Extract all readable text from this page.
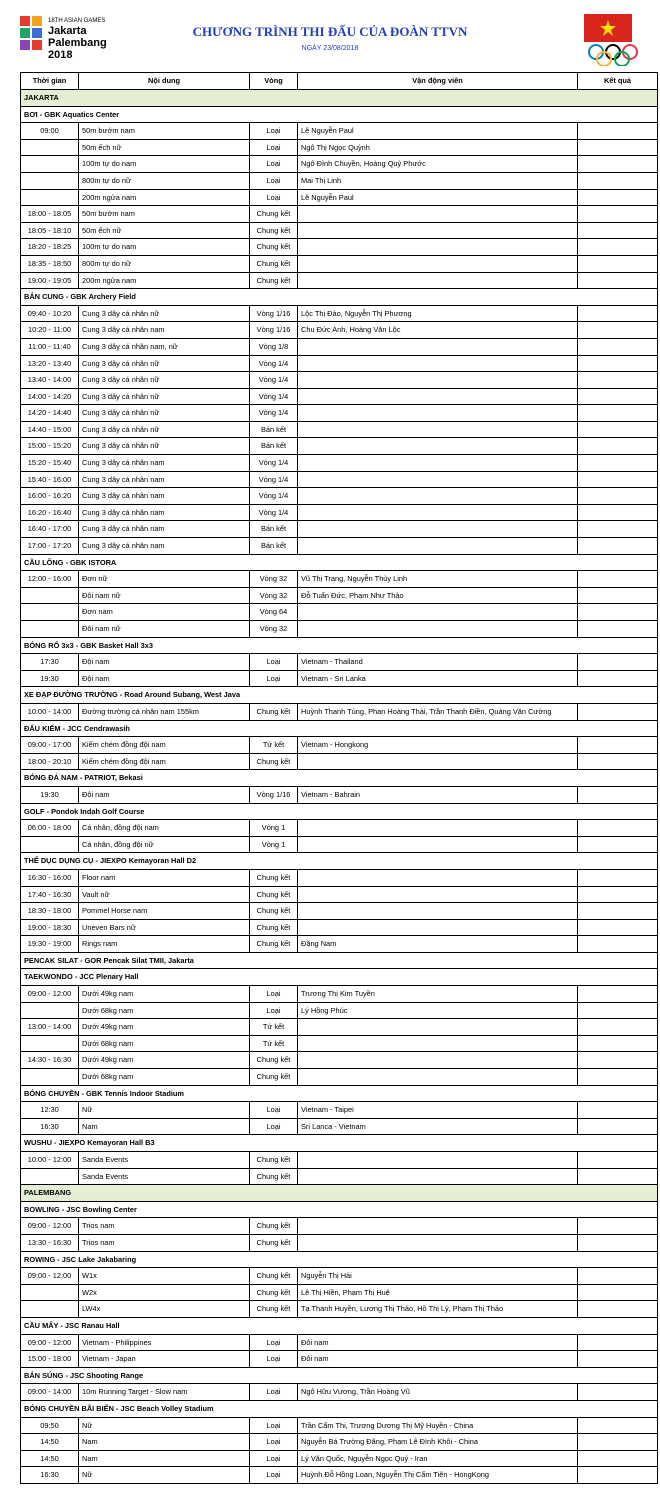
18TH ASIAN GAMES
Jakarta
Palembang
2018
CHƯƠNG TRÌNH THI ĐẤU CỦA ĐOÀN TTVN
NGÀY 23/08/2018
Thời gian	Nội dung	Vòng	Vận động viên	Kết quả
JAKARTA				
BƠI - GBK Aquatics Center				
09:00	50m bướm nam	Loại	Lê Nguyễn Paul	
	50m ếch nữ	Loại	Ngô Thị Ngọc Quỳnh	
	100m tự do nam	Loại	Ngô Đình Chuyền, Hoàng Quý Phước	
	800m tự do nữ	Loại	Mai Thị Linh	
	200m ngửa nam	Loại	Lê Nguyễn Paul	
18:00 - 18:05	50m bướm nam	Chung kết		
18:05 - 18:10	50m ếch nữ	Chung kết		
18:20 - 18:25	100m tự do nam	Chung kết		
18:35 - 18:50	800m tự do nữ	Chung kết		
19:00 - 19:05	200m ngửa nam	Chung kết		
BẮN CUNG - GBK Archery Field				
09:40 - 10:20	Cung 3 dây cá nhân nữ	Vòng 1/16	Lộc Thị Đào, Nguyễn Thị Phương	
10:20 - 11:00	Cung 3 dây cá nhân nam	Vòng 1/16	Chu Đức Anh, Hoàng Văn Lộc	
11:00 - 11:40	Cung 3 dây cá nhân nam, nữ	Vòng 1/8		
13:20 - 13:40	Cung 3 dây cá nhân nữ	Vòng 1/4		
13:40 - 14:00	Cung 3 dây cá nhân nữ	Vòng 1/4		
14:00 - 14:20	Cung 3 dây cá nhân nữ	Vòng 1/4		
14:20 - 14:40	Cung 3 dây cá nhân nữ	Vòng 1/4		
14:40 - 15:00	Cung 3 dây cá nhân nữ	Bán kết		
15:00 - 15:20	Cung 3 dây cá nhân nữ	Bán kết		
15:20 - 15:40	Cung 3 dây cá nhân nam	Vòng 1/4		
15:40 - 16:00	Cung 3 dây cá nhân nam	Vòng 1/4		
16:00 - 16:20	Cung 3 dây cá nhân nam	Vòng 1/4		
16:20 - 16:40	Cung 3 dây cá nhân nam	Vòng 1/4		
16:40 - 17:00	Cung 3 dây cá nhân nam	Bán kết		
17:00 - 17:20	Cung 3 dây cá nhân nam	Bán kết		
CẦU LÔNG - GBK ISTORA				
12:00 - 16:00	Đơn nữ	Vòng 32	Vũ Thị Trang, Nguyễn Thùy Linh	
	Đôi nam nữ	Vòng 32	Đỗ Tuấn Đức, Phạm Như Thảo	
	Đơn nam	Vòng 64		
	Đôi nam nữ	Vòng 32		
BÓNG RỔ 3x3 - GBK Basket Hall 3x3				
17:30	Đội nam	Loại	Vietnam - Thailand	
19:30	Đội nam	Loại	Vietnam - Sri Lanka	
XE ĐẠP ĐƯỜNG TRƯỜNG - Road Around Subang, West Java				
10:00 - 14:00	Đường trường cá nhân nam 155km	Chung kết	Huỳnh Thanh Tùng, Phan Hoàng Thái, Trần Thanh Điền, Quàng Văn Cường	
ĐẤU KIẾM - JCC Cendrawasih				
09:00 - 17:00	Kiếm chém đồng đội nam	Tứ kết	Vietnam - Hongkong	
18:00 - 20:10	Kiếm chém đồng đội nam	Chung kết		
BÓNG ĐÁ NAM - PATRIOT, Bekasi				
19:30	Đội nam	Vòng 1/16	Vietnam - Bahrain	
GOLF - Pondok Indah Golf Course				
06:00 - 18:00	Cá nhân, đồng đội nam	Vòng 1		
	Cá nhân, đồng đội nữ	Vòng 1		
THỂ DỤC DỤNG CỤ - JIEXPO Kemayoran Hall D2				
16:30 - 16:00	Floor nam	Chung kết		
17:40 - 16:30	Vault nữ	Chung kết		
18:30 - 18:00	Pommel Horse nam	Chung kết		
19:00 - 18:30	Uneven Bars nữ	Chung kết		
19:30 - 19:00	Rings nam	Chung kết	Đặng Nam	
PENCAK SILAT - GOR Pencak Silat TMII, Jakarta				
TAEKWONDO - JCC Plenary Hall				
09:00 - 12:00	Dưới 49kg nam	Loại	Trương Thị Kim Tuyền	
	Dưới 68kg nam	Loại	Lý Hồng Phúc	
13:00 - 14:00	Dưới 49kg nam	Tứ kết		
	Dưới 68kg nam	Tứ kết		
14:30 - 16:30	Dưới 49kg nam	Chung kết		
	Dưới 68kg nam	Chung kết		
BÓNG CHUYỀN - GBK Tennis Indoor Stadium				
12:30	Nữ	Loại	Vietnam - Taipei	
16:30	Nam	Loại	Sri Lanca - Vietnam	
WUSHU - JIEXPO Kemayoran Hall B3				
10:00 - 12:00	Sanda Events	Chung kết		
	Sanda Events	Chung kết		
PALEMBANG				
BOWLING - JSC Bowling Center				
09:00 - 12:00	Trios nam	Chung kết		
13:30 - 16:30	Trios nam	Chung kết		
ROWING - JSC Lake Jakabaring				
09:00 - 12:00	W1x	Chung kết	Nguyễn Thị Hải	
	W2x	Chung kết	Lê Thị Hiền, Phạm Thị Huệ	
	LW4x	Chung kết	Tạ Thanh Huyền, Lương Thị Thảo, Hồ Thị Lý, Phạm Thị Thảo	
CẦU MÂY - JSC Ranau Hall				
09:00 - 12:00	Vietnam - Philippines	Loại	Đôi nam	
15:00 - 18:00	Vietnam - Japan	Loại	Đôi nam	
BẮN SÚNG - JSC Shooting Range				
09:00 - 14:00	10m Running Target - Slow nam	Loại	Ngô Hữu Vương, Trần Hoàng Vũ	
BÓNG CHUYỀN BÃI BIỂN - JSC Beach Volley Stadium				
09:50	Nữ	Loại	Trần Cẩm Thi, Trương Dương Thị Mỹ Huyền - China	
14:50	Nam	Loại	Nguyễn Bá Trường Đăng, Phạm Lê Đình Khôi - China	
14:50	Nam	Loại	Lý Văn Quốc, Nguyễn Ngọc Quý - Iran	
16:30	Nữ	Loại	Huỳnh Đỗ Hồng Loan, Nguyễn Thị Cẩm Tiên - HongKong	
